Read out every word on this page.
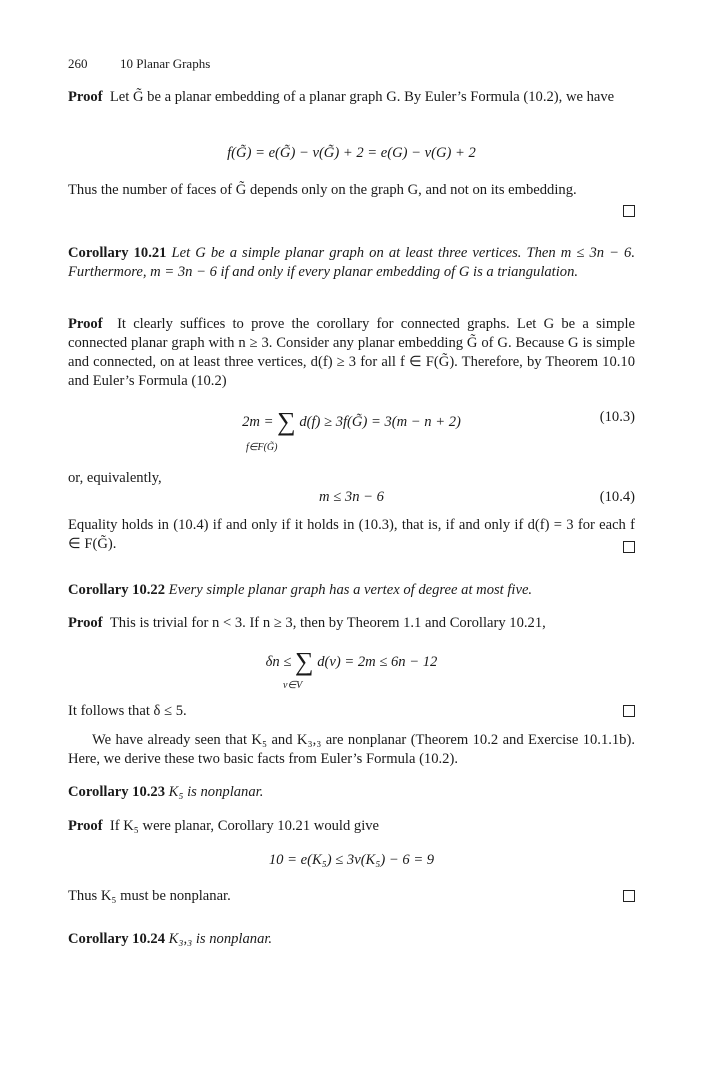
260	10 Planar Graphs
Proof Let G̃ be a planar embedding of a planar graph G. By Euler’s Formula (10.2), we have
f(G̃) = e(G̃) − v(G̃) + 2 = e(G) − v(G) + 2
Thus the number of faces of G̃ depends only on the graph G, and not on its embedding.
Corollary 10.21 Let G be a simple planar graph on at least three vertices. Then m ≤ 3n − 6. Furthermore, m = 3n − 6 if and only if every planar embedding of G is a triangulation.
Proof It clearly suffices to prove the corollary for connected graphs. Let G be a simple connected planar graph with n ≥ 3. Consider any planar embedding G̃ of G. Because G is simple and connected, on at least three vertices, d(f) ≥ 3 for all f ∈ F(G̃). Therefore, by Theorem 10.10 and Euler’s Formula (10.2)
2m = ∑ d(f) ≥ 3f(G̃) = 3(m − n + 2)
f∈F(G̃)
(10.3)
or, equivalently,
m ≤ 3n − 6	(10.4)
Equality holds in (10.4) if and only if it holds in (10.3), that is, if and only if d(f) = 3 for each f ∈ F(G̃).
Corollary 10.22 Every simple planar graph has a vertex of degree at most five.
Proof This is trivial for n < 3. If n ≥ 3, then by Theorem 1.1 and Corollary 10.21,
δn ≤ ∑ d(v) = 2m ≤ 6n − 12
v∈V
It follows that δ ≤ 5.
We have already seen that K₅ and K₃,₃ are nonplanar (Theorem 10.2 and Exercise 10.1.1b). Here, we derive these two basic facts from Euler’s Formula (10.2).
Corollary 10.23 K₅ is nonplanar.
Proof If K₅ were planar, Corollary 10.21 would give
10 = e(K₅) ≤ 3v(K₅) − 6 = 9
Thus K₅ must be nonplanar.
Corollary 10.24 K₃,₃ is nonplanar.
